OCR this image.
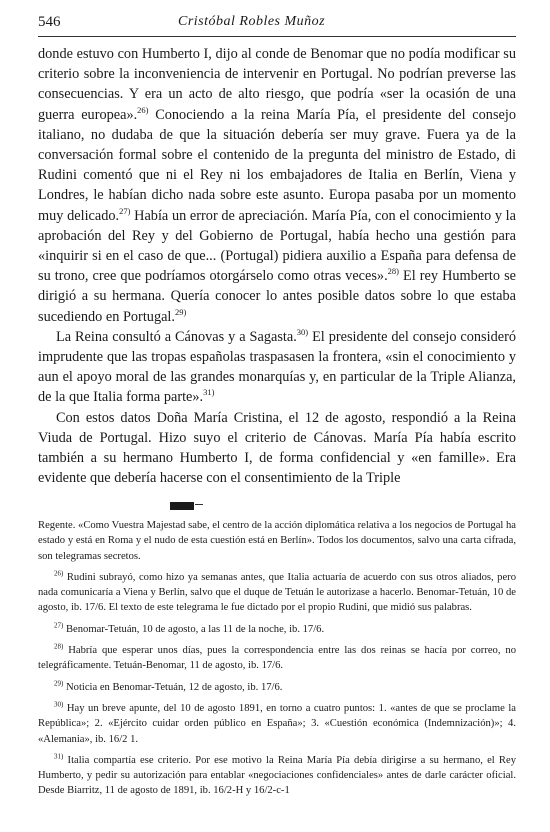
546	Cristóbal Robles Muñoz

donde estuvo con Humberto I, dijo al conde de Benomar que no podía modificar su criterio sobre la inconveniencia de intervenir en Portugal. No podrían preverse las consecuencias. Y era un acto de alto riesgo, que podría «ser la ocasión de una guerra europea».$^{26)}$ Conociendo a la reina María Pía, el presidente del consejo italiano, no dudaba de que la situación debería ser muy grave. Fuera ya de la conversación formal sobre el contenido de la pregunta del ministro de Estado, di Rudini comentó que ni el Rey ni los embajadores de Italia en Berlín, Viena y Londres, le habían dicho nada sobre este asunto. Europa pasaba por un momento muy delicado.$^{27)}$ Había un error de apreciación. María Pía, con el conocimiento y la aprobación del Rey y del Gobierno de Portugal, había hecho una gestión para «inquirir si en el caso de que... (Portugal) pidiera auxilio a España para defensa de su trono, cree que podríamos otorgárselo como otras veces».$^{28)}$ El rey Humberto se dirigió a su hermana. Quería conocer lo antes posible datos sobre lo que estaba sucediendo en Portugal.$^{29)}$

La Reina consultó a Cánovas y a Sagasta.$^{30)}$ El presidente del consejo consideró imprudente que las tropas españolas traspasasen la frontera, «sin el conocimiento y aun el apoyo moral de las grandes monarquías y, en particular de la Triple Alianza, de la que Italia forma parte».$^{31)}$

Con estos datos Doña María Cristina, el 12 de agosto, respondió a la Reina Viuda de Portugal. Hizo suyo el criterio de Cánovas. María Pía había escrito también a su hermano Humberto I, de forma confidencial y «en famille». Era evidente que debería hacerse con el consentimiento de la Triple

Regente. «Como Vuestra Majestad sabe, el centro de la acción diplomática relativa a los negocios de Portugal ha estado y está en Roma y el nudo de esta cuestión está en Berlín». Todos los documentos, salvo una carta cifrada, son telegramas secretos.

$^{26)}$ Rudini subrayó, como hizo ya semanas antes, que Italia actuaría de acuerdo con sus otros aliados, pero nada comunicaría a Viena y Berlín, salvo que el duque de Tetuán le autorizase a hacerlo. Benomar-Tetuán, 10 de agosto, ib. 17/6. El texto de este telegrama le fue dictado por el propio Rudini, que midió sus palabras.

$^{27)}$ Benomar-Tetuán, 10 de agosto, a las 11 de la noche, ib. 17/6.

$^{28)}$ Habría que esperar unos días, pues la correspondencia entre las dos reinas se hacía por correo, no telegráficamente. Tetuán-Benomar, 11 de agosto, ib. 17/6.

$^{29)}$ Noticia en Benomar-Tetuán, 12 de agosto, ib. 17/6.

$^{30)}$ Hay un breve apunte, del 10 de agosto 1891, en torno a cuatro puntos: 1. «antes de que se proclame la República»; 2. «Ejército cuidar orden público en España»; 3. «Cuestión económica (Indemnización)»; 4. «Alemania», ib. 16/2 1.

$^{31)}$ Italia compartía ese criterio. Por ese motivo la Reina María Pía debía dirigirse a su hermano, el Rey Humberto, y pedir su autorización para entablar «negociaciones confidenciales» antes de darle carácter oficial. Desde Biarritz, 11 de agosto de 1891, ib. 16/2-H y 16/2-c-1
